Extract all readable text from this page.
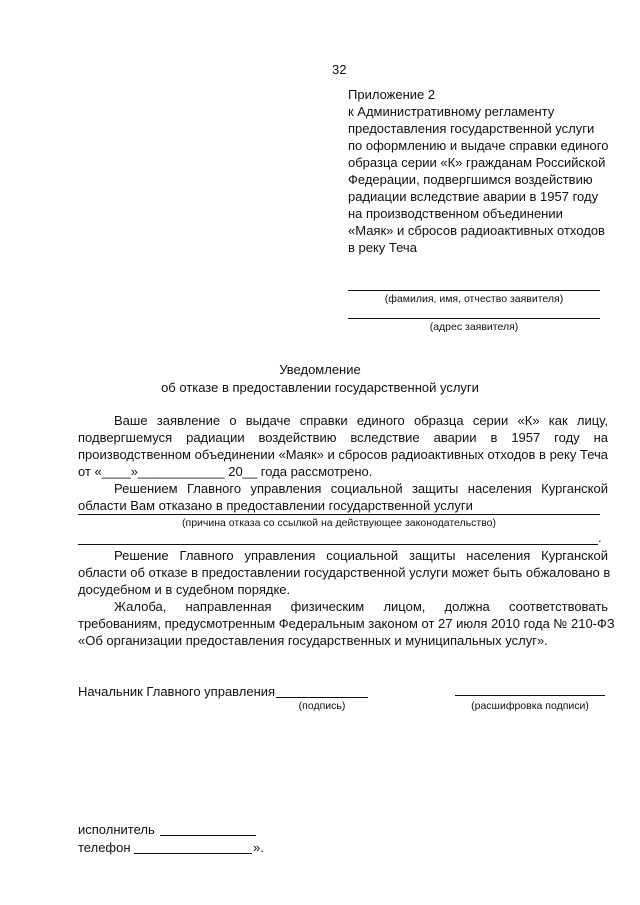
32
Приложение 2
к Административному регламенту
предоставления государственной услуги
по оформлению и выдаче справки единого
образца серии «К» гражданам Российской
Федерации, подвергшимся воздействию
радиации вследствие аварии в 1957 году
на производственном объединении
«Маяк» и сбросов радиоактивных отходов
в реку Теча
(фамилия, имя, отчество заявителя)
(адрес заявителя)
Уведомление
об отказе в предоставлении государственной услуги
Ваше заявление о выдаче справки единого образца серии «К» как лицу,
подвергшемуся радиации воздействию вследствие аварии в 1957 году на
производственном объединении «Маяк» и сбросов радиоактивных отходов в реку Теча
от «____»____________ 20__ года рассмотрено.
Решением Главного управления социальной защиты населения Курганской
области Вам отказано в предоставлении государственной услуги
(причина отказа со ссылкой на действующее законодательство)
.
Решение Главного управления социальной защиты населения Курганской
области об отказе в предоставлении государственной услуги может быть обжаловано в
досудебном и в судебном порядке.
Жалоба, направленная физическим лицом, должна соответствовать
требованиям, предусмотренным Федеральным законом от 27 июля 2010 года № 210-ФЗ
«Об организации предоставления государственных и муниципальных услуг».
Начальник Главного управления
(подпись)	(расшифровка подписи)
исполнитель
телефон	».
